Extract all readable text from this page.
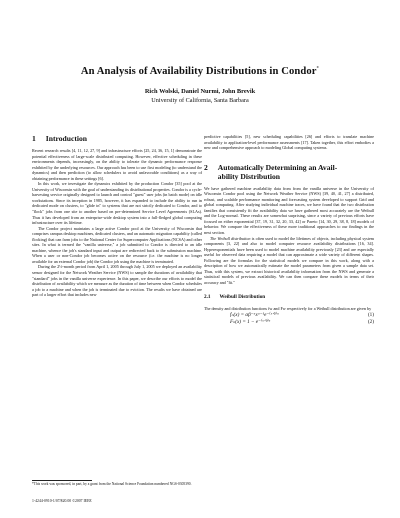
An Analysis of Availability Distributions in Condor*
Rich Wolski, Daniel Nurmi, John Brevik
University of California, Santa Barbara
1 Introduction

Recent research results [4, 11, 12, 27, 9] and infrastructure efforts [25, 24, 36, 15, 1] demonstrate the potential effectiveness of large-scale distributed computing. However, effective scheduling in these environments depends, increasingly, on the ability to tolerate the dynamic performance response exhibited by the underlying resources. Our approach has been to use first modeling (to understand the dynamics) and then prediction (to allow schedulers to avoid unfavorable conditions) as a way of obtaining performance in these settings [6].

In this work, we investigate the dynamics exhibited by the production Condor [35] pool at the University of Wisconsin with the goal of understanding its distributional properties. Condor is a cycle-harvesting service originally designed to launch and control "guest" user jobs (in batch mode) on idle workstations. Since its inception in 1985, however, it has expanded to include the ability to run in dedicated mode on clusters, to "glide in" to systems that are not strictly dedicated to Condor, and to "flock" jobs from one site to another based on pre-determined Service Level Agreements (SLAs). Thus it has developed from an enterprise-wide desktop system into a full-fledged global computing infrastructure over its lifetime.

The Condor project maintains a large active Condor pool at the University of Wisconsin that comprises campus desktop machines, dedicated clusters, and an automatic migration capability (called flocking) that can farm jobs to the National Center for Supercomputer Applications (NCSA) and other sites. In what is termed the "vanilla universe," a job submitted to Condor is directed to an idle machine, whence the job's standard input and output are redirected back to the submission machine. When a user or non-Condor job becomes active on the resource (i.e. the machine is no longer available for an external Condor job) the Condor job using the machine is terminated.

During the 2½-month period from April 1, 2005 through July 1, 2005 we deployed an availability sensor designed for the Network Weather Service (NWS) to sample the durations of availability that "standard" jobs in the vanilla universe experience. In this paper, we describe our efforts to model the distribution of availability which we measure as the duration of time between when Condor schedules a job to a machine and when the job is terminated due to eviction. The results we have obtained are part of a larger effort that includes new

predictive capabilities [5], new scheduling capabilities [26] and efforts to translate machine availability to application-level performance assessments [17]. Taken together, this effort embodies a new and comprehensive approach to modeling Global computing systems.

2 Automatically Determining an Avail-
ability Distribution

We have gathered machine availability data from from the vanilla universe in the University of Wisconsin Condor pool using the Network Weather Service (NWS) [39, 40, 41, 27] a distributed, robust, and scalable performance monitoring and forecasting system developed to support Grid and global computing. After studying individual machine traces, we have found that the two distribution families that consistently fit the availability data we have gathered most accurately are the Weibull and the Log-normal. These results are somewhat surprising, since a variety of previous efforts have focused on either exponential [37, 19, 31, 32, 20, 33, 42] or Pareto [14, 30, 29, 38, 8, 18] models of behavior. We compare the effectiveness of these more traditional approaches to our findings in the next section.

The Weibull distribution is often used to model the lifetimes of objects, including physical system components [3, 22] and also to model computer resource availability distributions [16, 34]. Hyperexponentials have been used to model machine availability previously [23] and are especially useful for observed data requiring a model that can approximate a wide variety of different shapes. Following are the formulas for the statistical models we compare in this work, along with a description of how we automatically estimate the model parameters from given a sample data set. Thus, with this system, we extract historical availability information from the NWS and generate a statistical models of previous availability. We can then compare these models in terms of their accuracy and "fit."

2.1 Weibull Distribution

The density and distribution functions fw and Fw respectively for a Weibull distribution are given by

fₙ(x) = αβ⁻ᵅxᵅ⁻¹e⁻⁽ˣᐟᵝ⁾ᵅ	(1)
Fₙ(x) = 1 − e⁻⁽ˣᐟᵝ⁾ᵅ	(2)
*This work was sponsored, in part, by a grant from the National Science Foundation numbered NGS-0305390.
1-4244-0910-1/07/$20.00 ©2007 IEEE
